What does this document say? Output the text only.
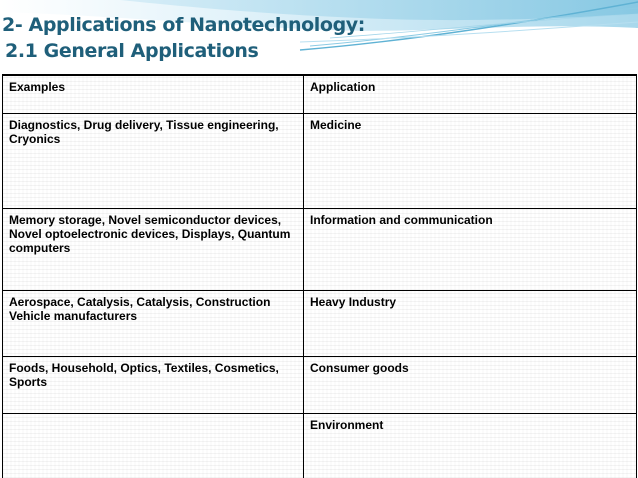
2- Applications of Nanotechnology:
2.1 General Applications
Examples	Application
Diagnostics, Drug delivery, Tissue engineering, Cryonics	Medicine
Memory storage, Novel semiconductor devices, Novel optoelectronic devices, Displays, Quantum computers	Information and communication
Aerospace, Catalysis, Catalysis, Construction Vehicle manufacturers	Heavy Industry
Foods, Household, Optics, Textiles, Cosmetics, Sports	Consumer goods
	Environment
